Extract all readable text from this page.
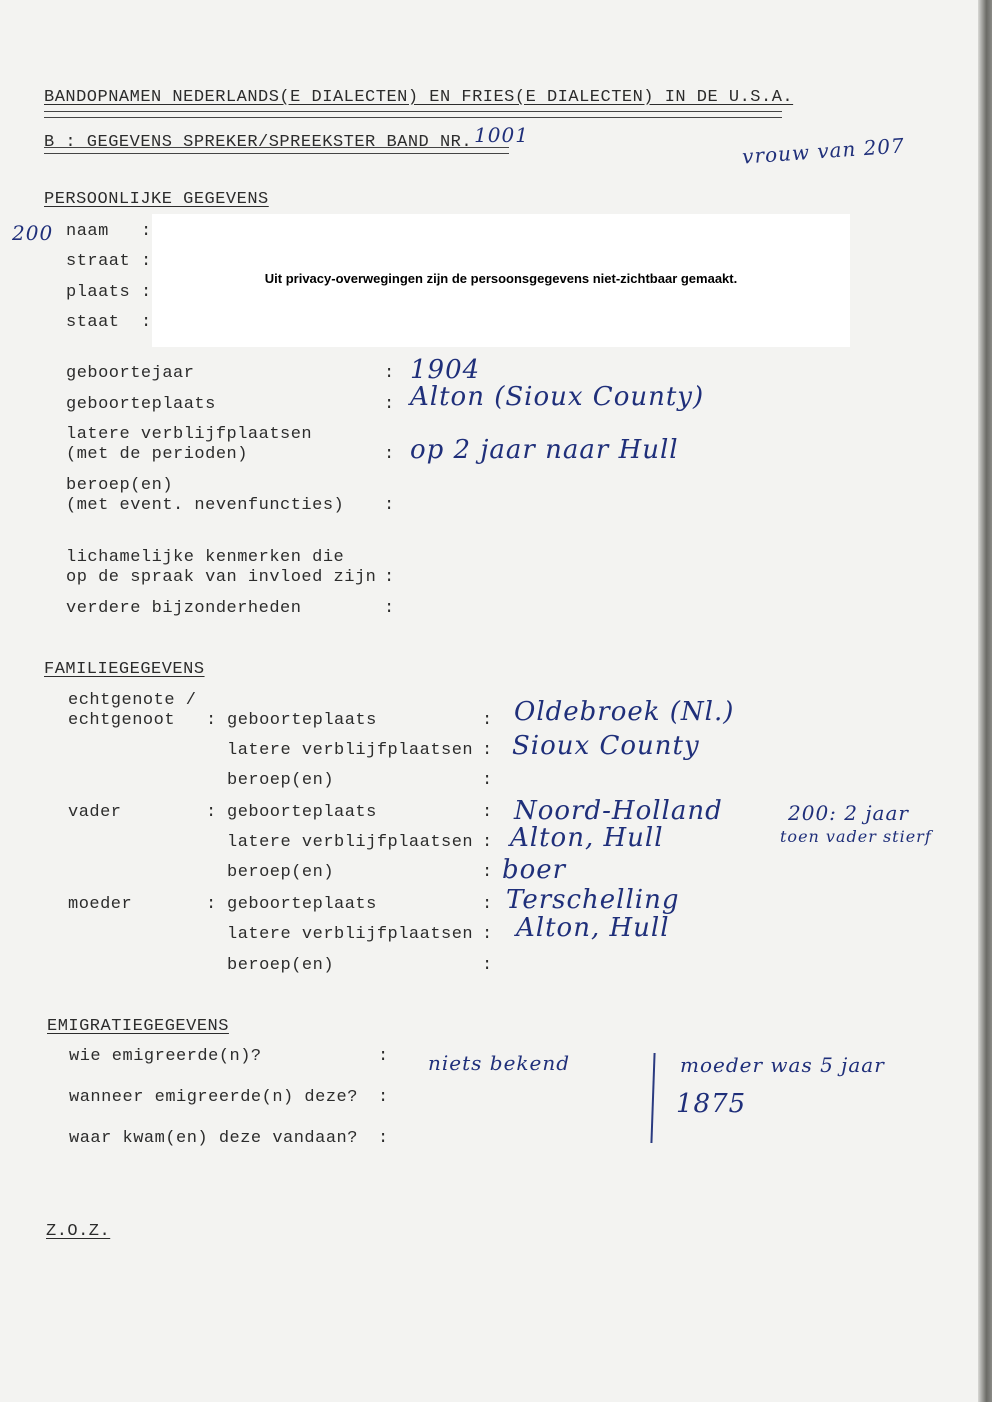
BANDOPNAMEN NEDERLANDS(E DIALECTEN) EN FRIES(E DIALECTEN) IN DE U.S.A.
B : GEGEVENS SPREKER/SPREEKSTER BAND NR. 1001	vrouw van 207
PERSOONLIJKE GEGEVENS
200 naam :
straat :
plaats :
staat :
Uit privacy-overwegingen zijn de persoonsgegevens niet-zichtbaar gemaakt.
geboortejaar	: 1904
geboorteplaats	: Alton (Sioux County)
latere verblijfplaatsen
(met de perioden)	: op 2 jaar naar Hull
beroep(en)
(met event. nevenfuncties) :
lichamelijke kenmerken die
op de spraak van invloed zijn :
verdere bijzonderheden	:
FAMILIEGEGEVENS
echtgenote /
echtgenoot : geboorteplaats	: Oldebroek (Nl.)
latere verblijfplaatsen : Sioux County
beroep(en)	:
vader	: geboorteplaats	: Noord-Holland	200: 2 jaar
toen vader stierf
latere verblijfplaatsen : Alton, Hull
beroep(en)	: boer
moeder	: geboorteplaats	: Terschelling
latere verblijfplaatsen : Alton, Hull
beroep(en)	:
EMIGRATIEGEGEVENS
wie emigreerde(n)?	: niets bekend
wanneer emigreerde(n) deze? :
waar kwam(en) deze vandaan? :
moeder was 5 jaar
1875
Z.O.Z.
